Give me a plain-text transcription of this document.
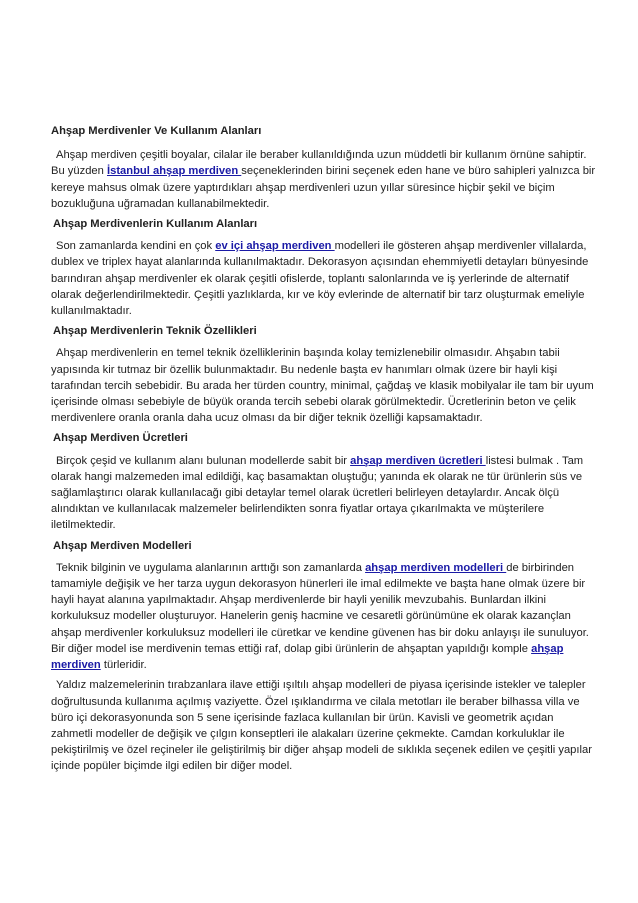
Ahşap Merdivenler Ve Kullanım Alanları

Ahşap merdiven çeşitli boyalar, cilalar ile beraber kullanıldığında uzun müddetli bir kullanım örnüne sahiptir. Bu yüzden İstanbul ahşap merdiven seçeneklerinden birini seçenek eden hane ve büro sahipleri yalnızca bir kereye mahsus olmak üzere yaptırdıkları ahşap merdivenleri uzun yıllar süresince hiçbir şekil ve biçim bozukluğuna uğramadan kullanabilmektedir.

Ahşap Merdivenlerin Kullanım Alanları

Son zamanlarda kendini en çok ev içi ahşap merdiven modelleri ile gösteren ahşap merdivenler villalarda, dublex ve triplex hayat alanlarında kullanılmaktadır. Dekorasyon açısından ehemmiyetli detayları bünyesinde barındıran ahşap merdivenler ek olarak çeşitli ofislerde, toplantı salonlarında ve iş yerlerinde de alternatif olarak değerlendirilmektedir. Çeşitli yazlıklarda, kır ve köy evlerinde de alternatif bir tarz oluşturmak emeliyle kullanılmaktadır.

Ahşap Merdivenlerin Teknik Özellikleri

Ahşap merdivenlerin en temel teknik özelliklerinin başında kolay temizlenebilir olmasıdır. Ahşabın tabii yapısında kir tutmaz bir özellik bulunmaktadır. Bu nedenle başta ev hanımları olmak üzere bir hayli kişi tarafından tercih sebebidir. Bu arada her türden country, minimal, çağdaş ve klasik mobilyalar ile tam bir uyum içerisinde olması sebebiyle de büyük oranda tercih sebebi olarak görülmektedir. Ücretlerinin beton ve çelik merdivenlere oranla oranla daha ucuz olması da bir diğer teknik özelliği kapsamaktadır.

Ahşap Merdiven Ücretleri

Birçok çeşid ve kullanım alanı bulunan modellerde sabit bir ahşap merdiven ücretleri listesi bulmak . Tam olarak hangi malzemeden imal edildiği, kaç basamaktan oluştuğu; yanında ek olarak ne tür ürünlerin süs ve sağlamlaştırıcı olarak kullanılacağı gibi detaylar temel olarak ücretleri belirleyen detaylardır. Ancak ölçü alındıktan ve kullanılacak malzemeler belirlendikten sonra fiyatlar ortaya çıkarılmakta ve müşterilere iletilmektedir.

Ahşap Merdiven Modelleri

Teknik bilginin ve uygulama alanlarının arttığı son zamanlarda ahşap merdiven modelleri de birbirinden tamamiyle değişik ve her tarza uygun dekorasyon hünerleri ile imal edilmekte ve başta hane olmak üzere bir hayli hayat alanına yapılmaktadır. Ahşap merdivenlerde bir hayli yenilik mevzubahis. Bunlardan ilkini korkuluksuz modeller oluşturuyor. Hanelerin geniş hacmine ve cesaretli görünümüne ek olarak kazançlan ahşap merdivenler korkuluksuz modelleri ile cüretkar ve kendine güvenen has bir doku anlayışı ile sunuluyor. Bir diğer model ise merdivenin temas ettiği raf, dolap gibi ürünlerin de ahşaptan yapıldığı komple ahşap merdiven türleridir.

Yaldız malzemelerinin tırabzanlara ilave ettiği ışıltılı ahşap modelleri de piyasa içerisinde istekler ve talepler doğrultusunda kullanıma açılmış vaziyette. Özel ışıklandırma ve cilala metotları ile beraber bilhassa villa ve büro içi dekorasyonunda son 5 sene içerisinde fazlaca kullanılan bir ürün. Kavisli ve geometrik açıdan zahmetli modeller de değişik ve çılgın konseptleri ile alakaları üzerine çekmekte. Camdan korkuluklar ile pekiştirilmiş ve özel reçineler ile geliştirilmiş bir diğer ahşap modeli de sıklıkla seçenek edilen ve çeşitli yapılar içinde popüler biçimde ilgi edilen bir diğer model.
